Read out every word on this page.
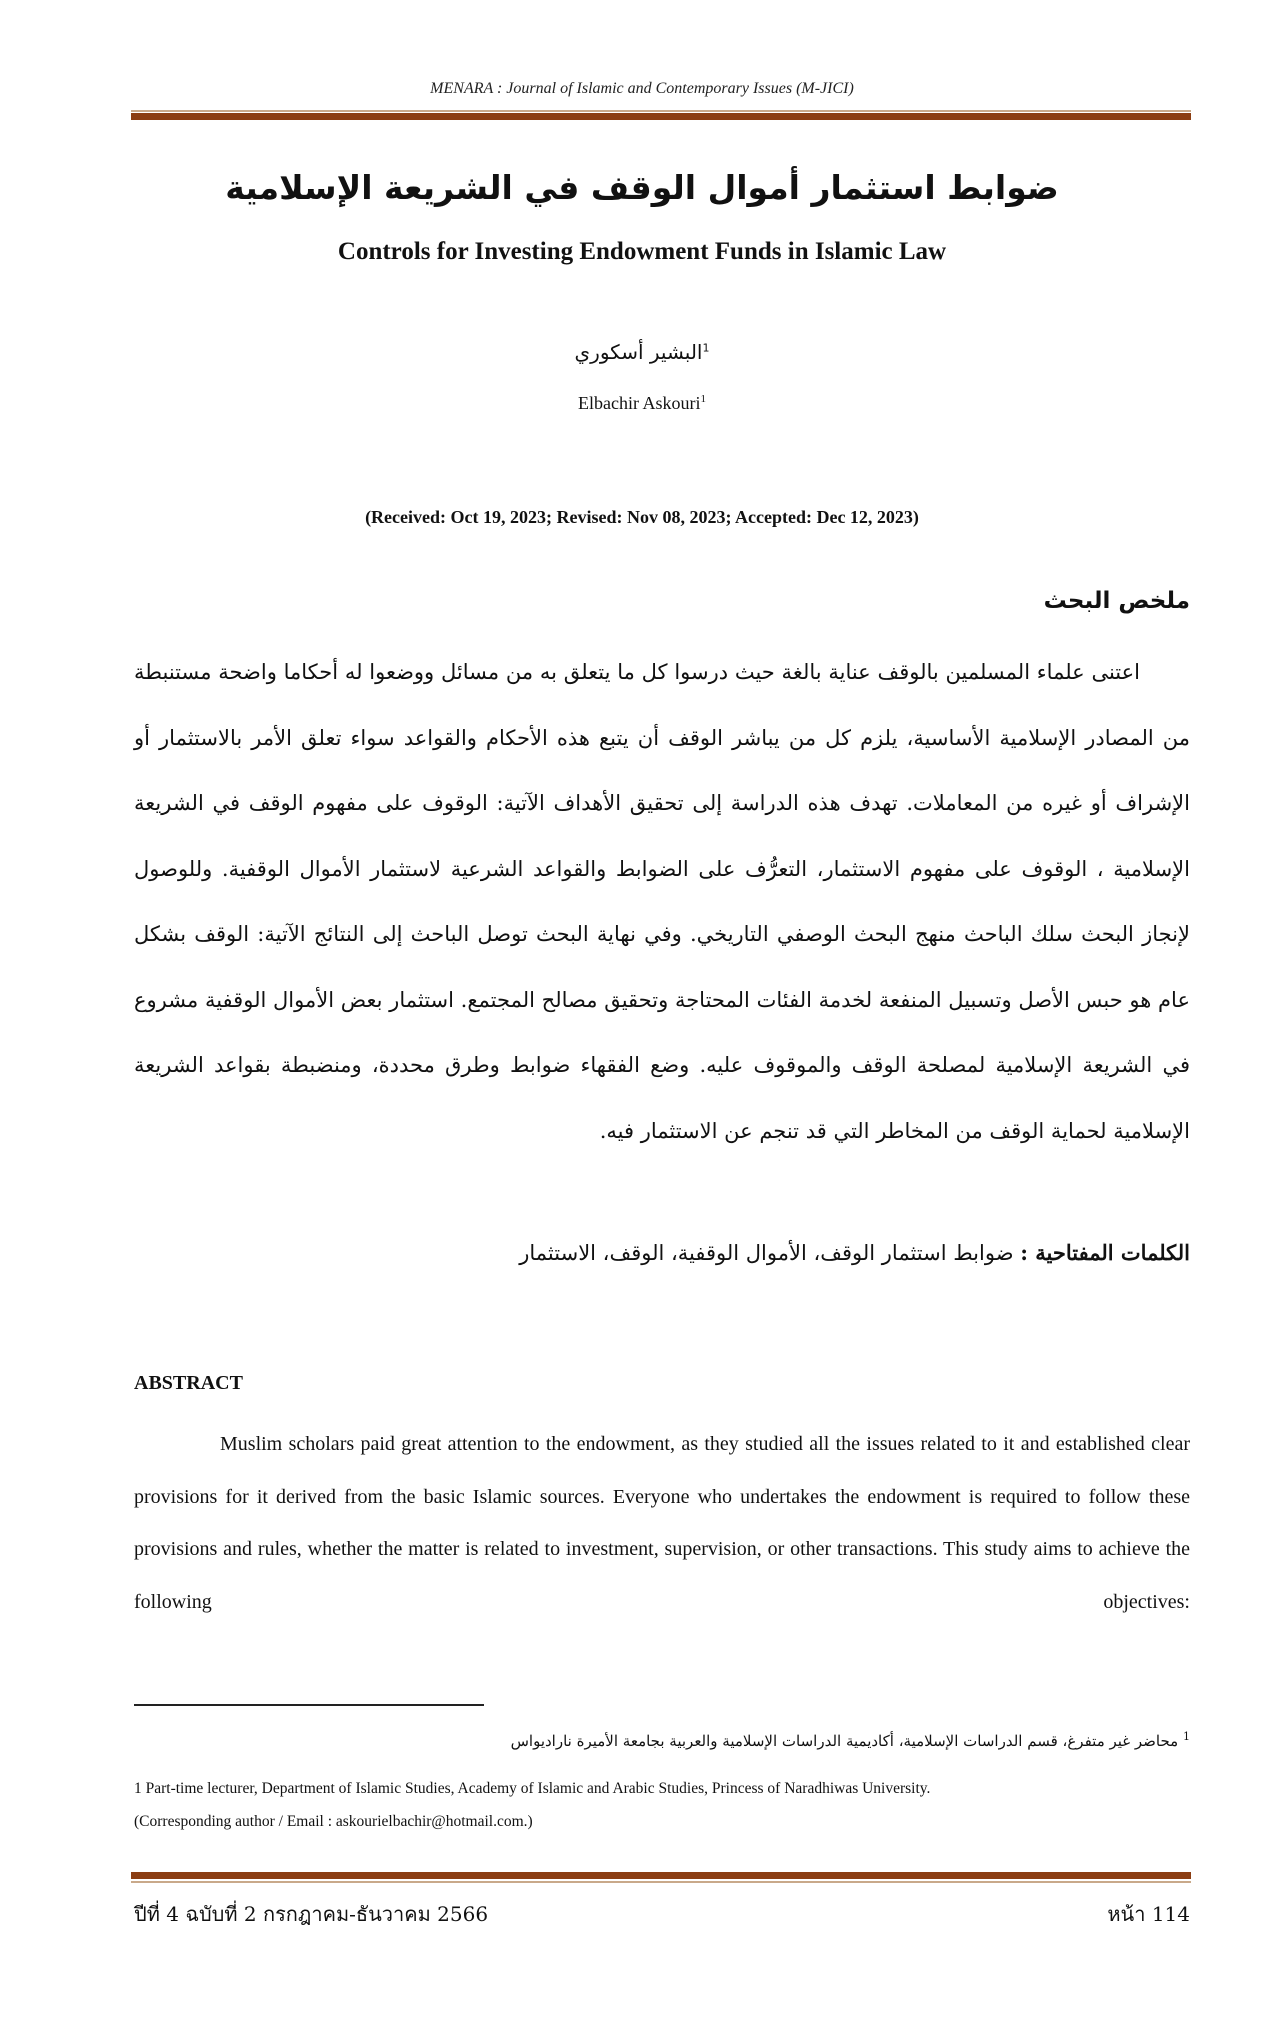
MENARA : Journal of Islamic and Contemporary Issues (M-JICI)
ضوابط استثمار أموال الوقف في الشريعة الإسلامية
Controls for Investing Endowment Funds in Islamic Law
$^1$البشير أسكوري
Elbachir Askouri$^1$
(Received: Oct 19, 2023; Revised: Nov 08, 2023; Accepted: Dec 12, 2023)
ملخص البحث
اعتنى علماء المسلمين بالوقف عناية بالغة حيث درسوا كل ما يتعلق به من مسائل ووضعوا له أحكاما واضحة مستنبطة من المصادر الإسلامية الأساسية، يلزم كل من يباشر الوقف أن يتبع هذه الأحكام والقواعد سواء تعلق الأمر بالاستثمار أو الإشراف أو غيره من المعاملات. تهدف هذه الدراسة إلى تحقيق الأهداف الآتية: الوقوف على مفهوم الوقف في الشريعة الإسلامية ، الوقوف على مفهوم الاستثمار، التعرُّف على الضوابط والقواعد الشرعية لاستثمار الأموال الوقفية. وللوصول لإنجاز البحث سلك الباحث منهج البحث الوصفي التاريخي. وفي نهاية البحث توصل الباحث إلى النتائج الآتية: الوقف بشكل عام هو حبس الأصل وتسبيل المنفعة لخدمة الفئات المحتاجة وتحقيق مصالح المجتمع. استثمار بعض الأموال الوقفية مشروع في الشريعة الإسلامية لمصلحة الوقف والموقوف عليه. وضع الفقهاء ضوابط وطرق محددة، ومنضبطة بقواعد الشريعة الإسلامية لحماية الوقف من المخاطر التي قد تنجم عن الاستثمار فيه.
الكلمات المفتاحية : ضوابط استثمار الوقف، الأموال الوقفية، الوقف، الاستثمار
ABSTRACT
Muslim scholars paid great attention to the endowment, as they studied all the issues related to it and established clear provisions for it derived from the basic Islamic sources. Everyone who undertakes the endowment is required to follow these provisions and rules, whether the matter is related to investment, supervision, or other transactions. This study aims to achieve the following objectives:
$^1$ محاضر غير متفرغ، قسم الدراسات الإسلامية، أكاديمية الدراسات الإسلامية والعربية بجامعة الأميرة ناراديواس
1 Part-time lecturer, Department of Islamic Studies, Academy of Islamic and Arabic Studies, Princess of Naradhiwas University.
(Corresponding author / Email : askourielbachir@hotmail.com.)
ปีที่ 4 ฉบับที่ 2 กรกฎาคม-ธันวาคม 2566	หน้า 114
